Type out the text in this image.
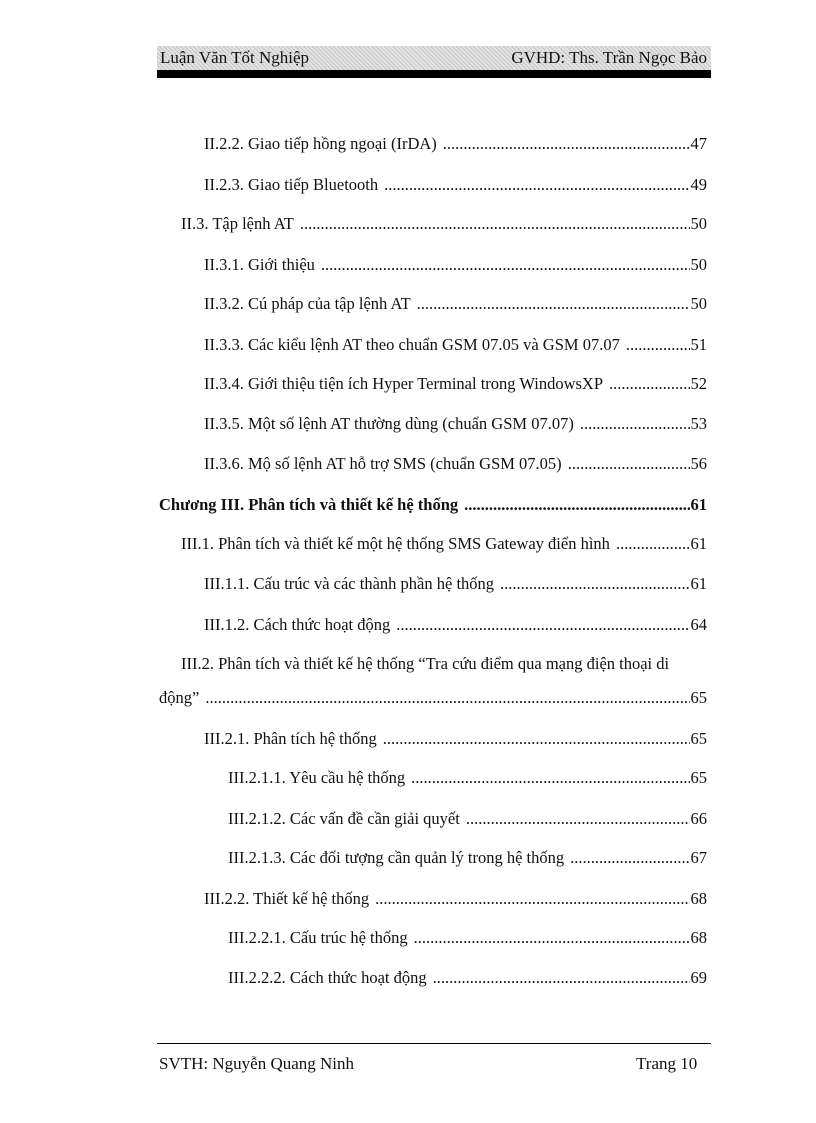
Luận Văn Tốt Nghiệp	GVHD: Ths. Trần Ngọc Bảo
II.2.2. Giao tiếp hồng ngoại (IrDA) .....	47
II.2.3. Giao tiếp Bluetooth .....	49
II.3. Tập lệnh AT .....	50
II.3.1. Giới thiệu .....	50
II.3.2. Cú pháp của tập lệnh AT .....	50
II.3.3. Các kiểu lệnh AT theo chuẩn GSM 07.05 và GSM 07.07 .....	51
II.3.4. Giới thiệu tiện ích Hyper Terminal trong WindowsXP .....	52
II.3.5. Một số lệnh AT thường dùng (chuẩn GSM 07.07) .....	53
II.3.6. Mộ số lệnh AT hỗ trợ SMS (chuẩn GSM 07.05) .....	56
Chương III. Phân tích và thiết kế hệ thống .....	61
III.1. Phân tích và thiết kế một hệ thống SMS Gateway điển hình .....	61
III.1.1. Cấu trúc và các thành phần hệ thống .....	61
III.1.2. Cách thức hoạt động .....	64
III.2. Phân tích và thiết kế hệ thống “Tra cứu điểm qua mạng điện thoại di
động” .....	65
III.2.1. Phân tích hệ thống .....	65
III.2.1.1. Yêu cầu hệ thống .....	65
III.2.1.2. Các vấn đề cần giải quyết .....	66
III.2.1.3. Các đối tượng cần quản lý trong hệ thống .....	67
III.2.2. Thiết kế hệ thống .....	68
III.2.2.1. Cấu trúc hệ thống .....	68
III.2.2.2. Cách thức hoạt động .....	69
SVTH: Nguyễn Quang Ninh	Trang 10
